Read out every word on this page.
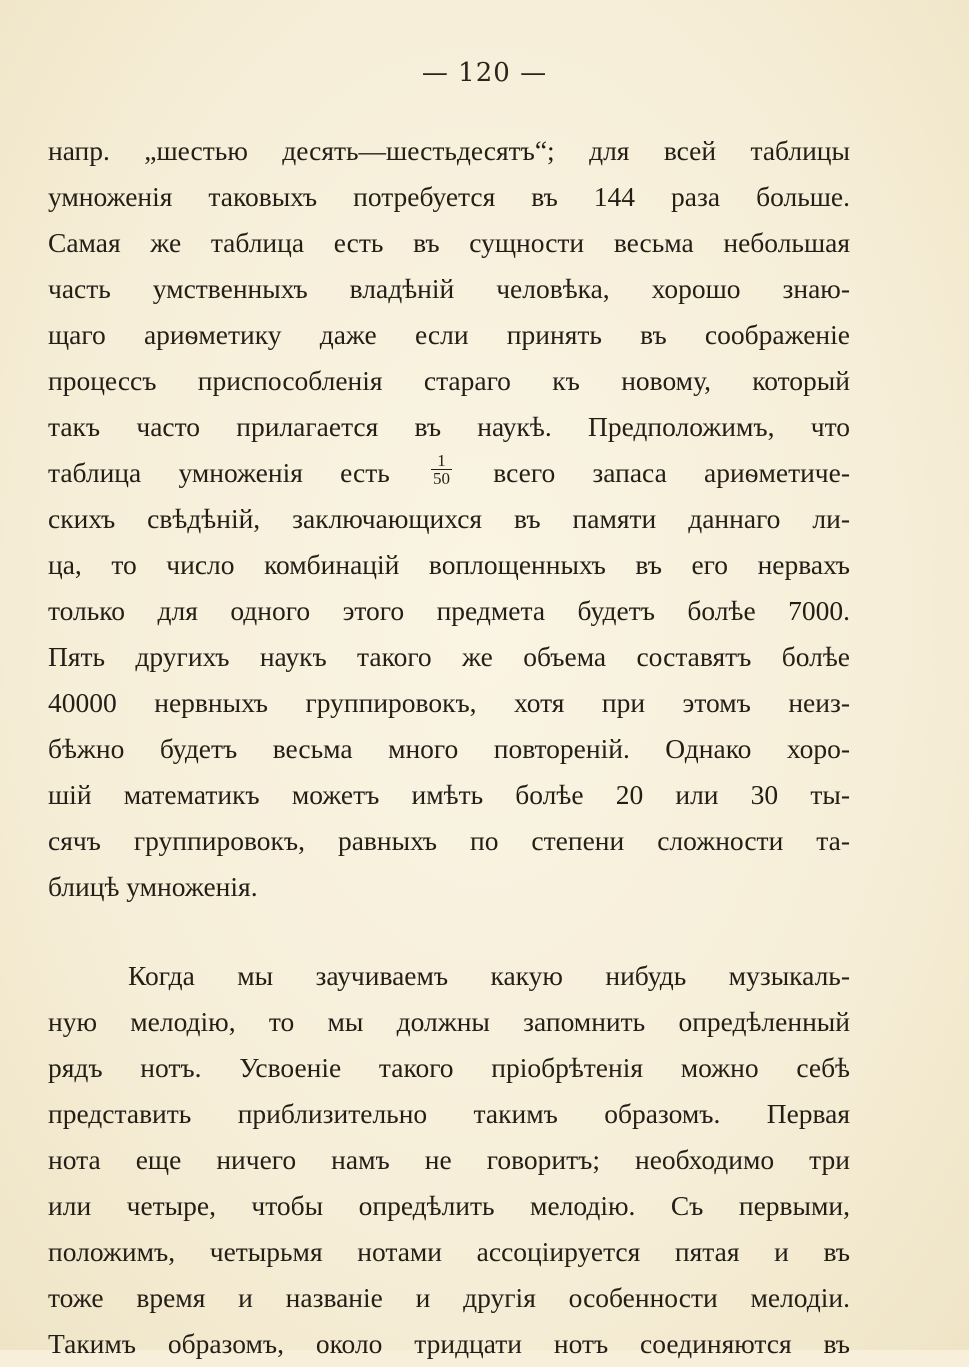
— 120 —
напр. „шестью десять—шестьдесятъ“; для всей таблицы
умноженія таковыхъ потребуется въ 144 раза больше.
Самая же таблица есть въ сущности весьма небольшая
часть умственныхъ владѣній человѣка, хорошо знаю-
щаго ариѳметику даже если принять въ соображеніе
процессъ приспособленія стараго къ новому, который
такъ часто прилагается въ наукѣ. Предположимъ, что
таблица умноженія есть $\frac{1}{50}$ всего запаса ариѳметиче-
скихъ свѣдѣній, заключающихся въ памяти даннаго ли-
ца, то число комбинацій воплощенныхъ въ его нервахъ
только для одного этого предмета будетъ болѣе 7000.
Пять другихъ наукъ такого же объема составятъ болѣе
40000 нервныхъ группировокъ, хотя при этомъ неиз-
бѣжно будетъ весьма много повтореній. Однако хоро-
шій математикъ можетъ имѣть болѣе 20 или 30 ты-
сячъ группировокъ, равныхъ по степени сложности та-
блицѣ умноженія.
Когда мы заучиваемъ какую нибудь музыкаль-
ную мелодію, то мы должны запомнить опредѣленный
рядъ нотъ. Усвоеніе такого пріобрѣтенія можно себѣ
представить приблизительно такимъ образомъ. Первая
нота еще ничего намъ не говоритъ; необходимо три
или четыре, чтобы опредѣлить мелодію. Съ первыми,
положимъ, четырьмя нотами ассоціируется пятая и въ
тоже время и названіе и другія особенности мелодіи.
Такимъ образомъ, около тридцати нотъ соединяются въ
